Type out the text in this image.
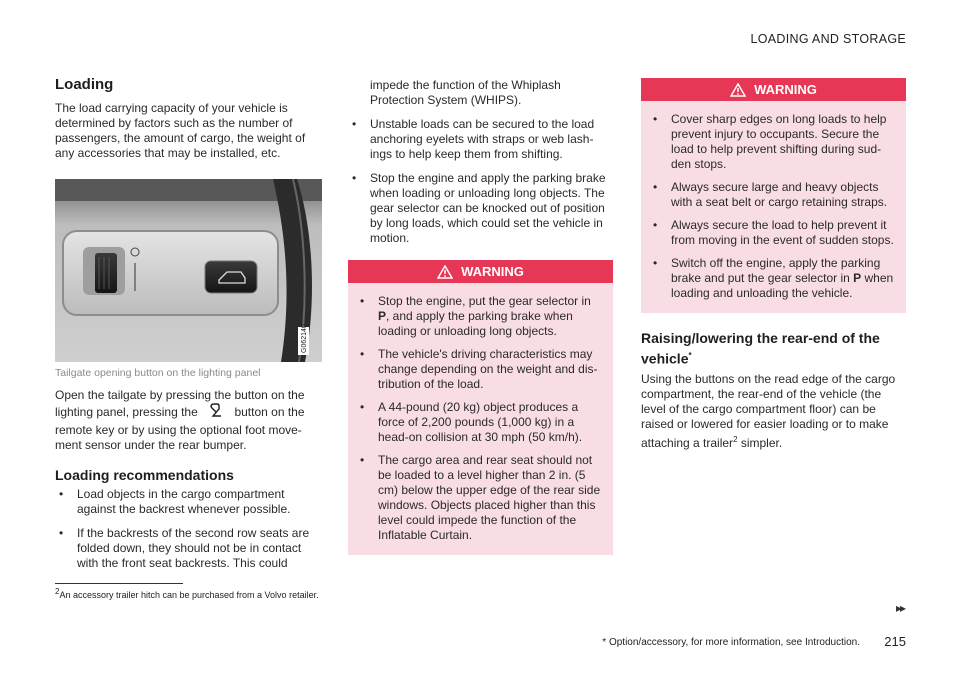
LOADING AND STORAGE
Loading

The load carrying capacity of your vehicle is determined by factors such as the number of passengers, the amount of cargo, the weight of any accessories that may be installed, etc.

G062140
Tailgate opening button on the lighting panel

Open the tailgate by pressing the button on the lighting panel, pressing the	button on the remote key or by using the optional foot move-ment sensor under the rear bumper.

Loading recommendations
• Load objects in the cargo compartment against the backrest whenever possible.
• If the backrests of the second row seats are folded down, they should not be in contact with the front seat backrests. This could

impede the function of the Whiplash Protection System (WHIPS).

• Unstable loads can be secured to the load anchoring eyelets with straps or web lash-ings to help keep them from shifting.
• Stop the engine and apply the parking brake when loading or unloading long objects. The gear selector can be knocked out of position by long loads, which could set the vehicle in motion.
WARNING
• Stop the engine, put the gear selector in P, and apply the parking brake when loading or unloading long objects.
• The vehicle's driving characteristics may change depending on the weight and dis-tribution of the load.
• A 44-pound (20 kg) object produces a force of 2,200 pounds (1,000 kg) in a head-on collision at 30 mph (50 km/h).
• The cargo area and rear seat should not be loaded to a level higher than 2 in. (5 cm) below the upper edge of the rear side windows. Objects placed higher than this level could impede the function of the Inflatable Curtain.
WARNING
• Cover sharp edges on long loads to help prevent injury to occupants. Secure the load to help prevent shifting during sud-den stops.
• Always secure large and heavy objects with a seat belt or cargo retaining straps.
• Always secure the load to help prevent it from moving in the event of sudden stops.
• Switch off the engine, apply the parking brake and put the gear selector in P when loading and unloading the vehicle.
Raising/lowering the rear-end of the vehicle*

Using the buttons on the read edge of the cargo compartment, the rear-end of the vehicle (the level of the cargo compartment floor) can be raised or lowered for easier loading or to make attaching a trailer$^2$ simpler.

$^2$An accessory trailer hitch can be purchased from a Volvo retailer.
▸▸
* Option/accessory, for more information, see Introduction. 215
